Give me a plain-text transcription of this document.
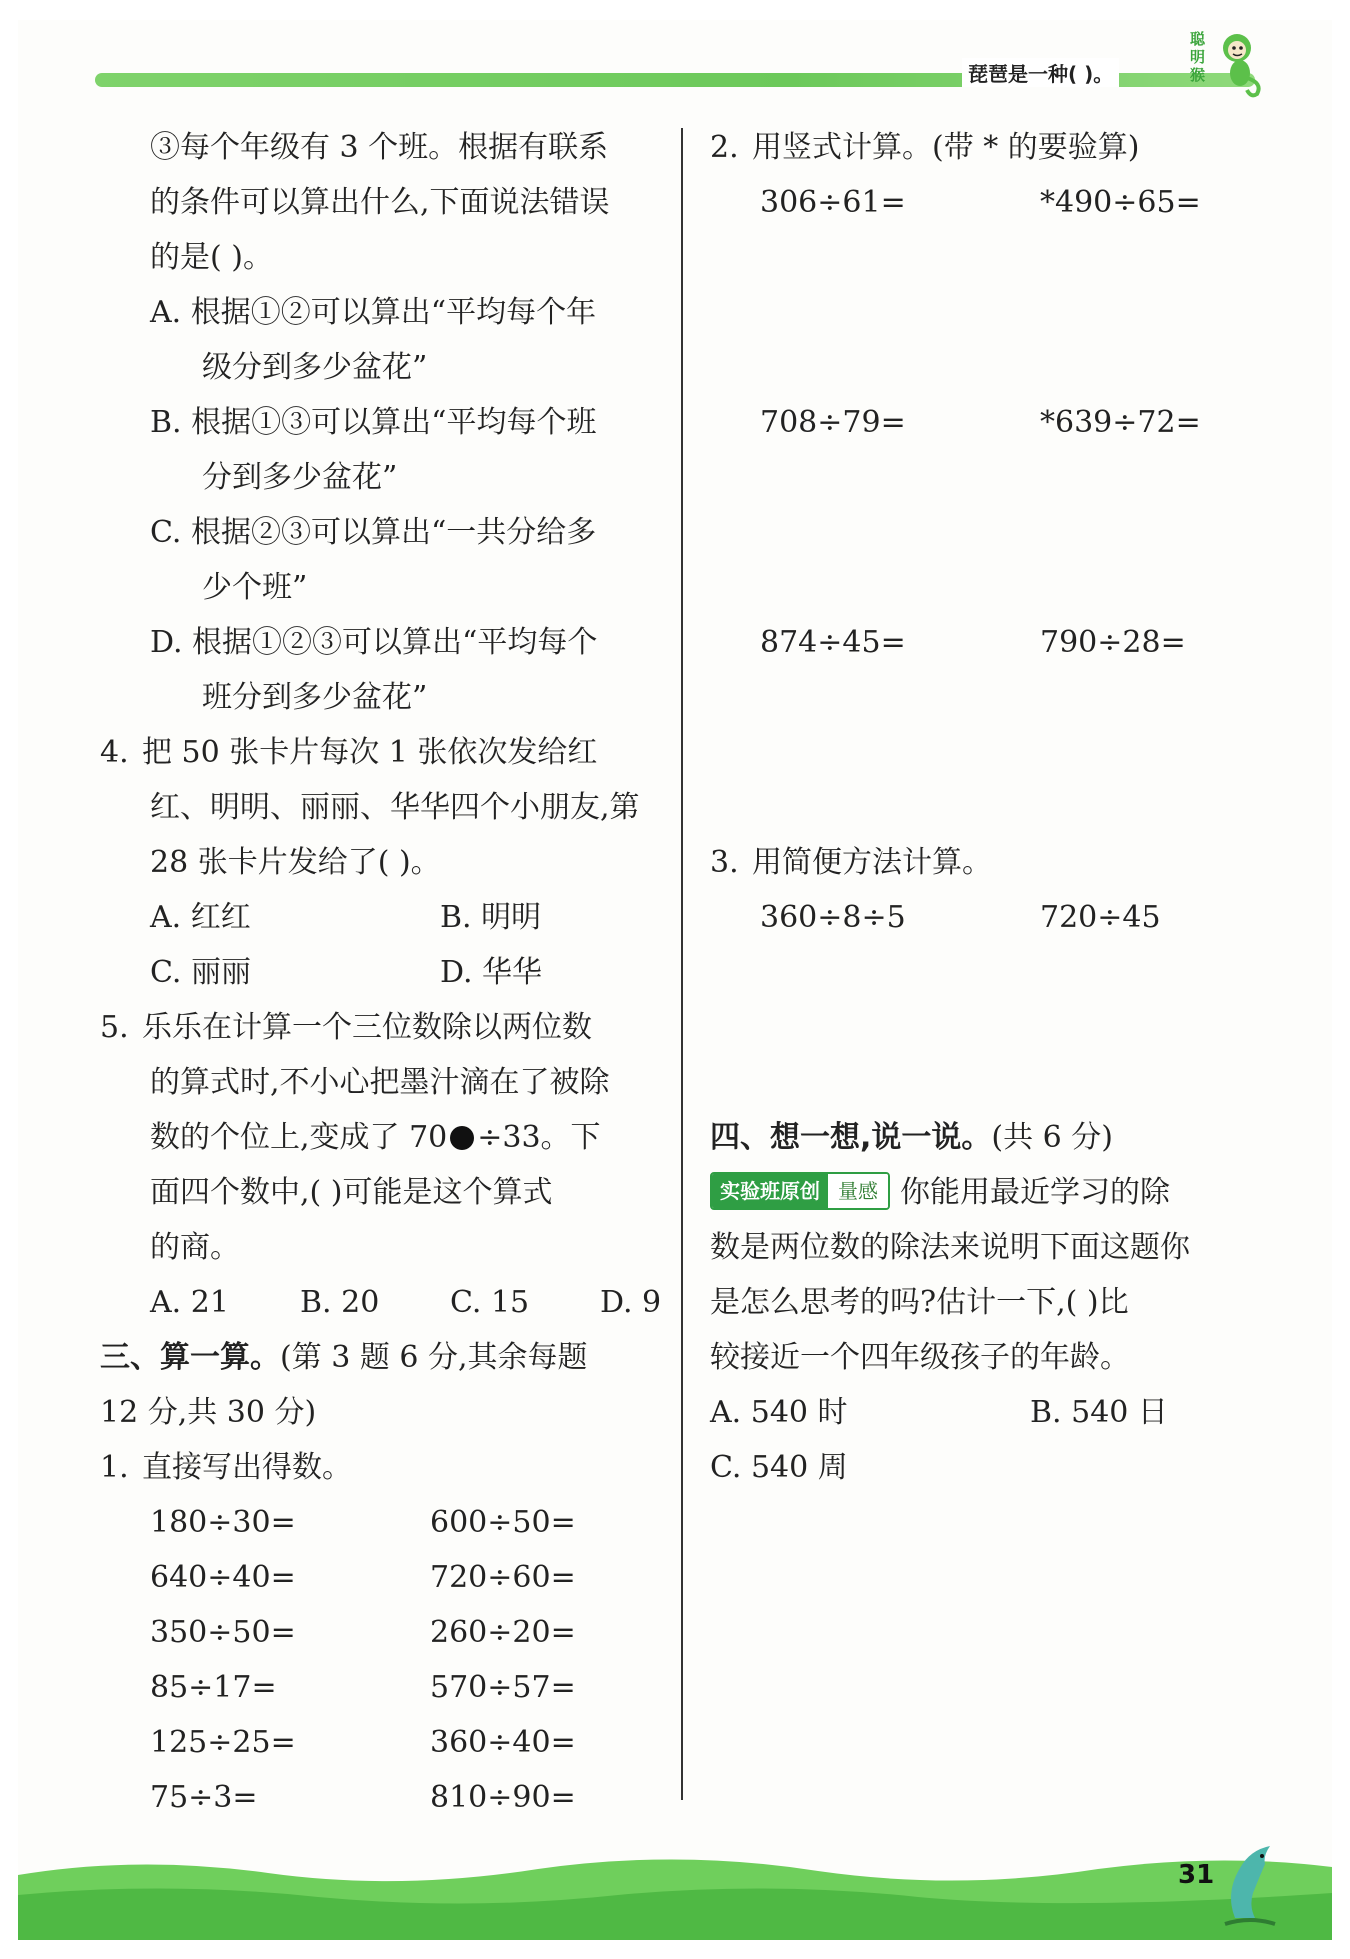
琵琶是一种( )。
聪明猴
③每个年级有 3 个班。根据有联系
的条件可以算出什么,下面说法错误
的是( )。
A. 根据①②可以算出“平均每个年
级分到多少盆花”
B. 根据①③可以算出“平均每个班
分到多少盆花”
C. 根据②③可以算出“一共分给多
少个班”
D. 根据①②③可以算出“平均每个
班分到多少盆花”
4. 把 50 张卡片每次 1 张依次发给红
红、明明、丽丽、华华四个小朋友,第
28 张卡片发给了( )。
A. 红红	B. 明明
C. 丽丽	D. 华华
5. 乐乐在计算一个三位数除以两位数
的算式时,不小心把墨汁滴在了被除
数的个位上,变成了 70 ÷33。下
面四个数中,( )可能是这个算式
的商。
A. 21 B. 20 C. 15 D. 9
三、算一算。(第 3 题 6 分,其余每题
12 分,共 30 分)
1. 直接写出得数。
180÷30=	600÷50=
640÷40=	720÷60=
350÷50=	260÷20=
85÷17=	570÷57=
125÷25=	360÷40=
75÷3=	810÷90=
2. 用竖式计算。(带 * 的要验算)
306÷61=	*490÷65=
708÷79=	*639÷72=
874÷45=	790÷28=
3. 用简便方法计算。
360÷8÷5	720÷45
四、想一想,说一说。(共 6 分)
实验班原创 量感 你能用最近学习的除
数是两位数的除法来说明下面这题你
是怎么思考的吗?估计一下,( )比
较接近一个四年级孩子的年龄。
A. 540 时	B. 540 日
C. 540 周
31
